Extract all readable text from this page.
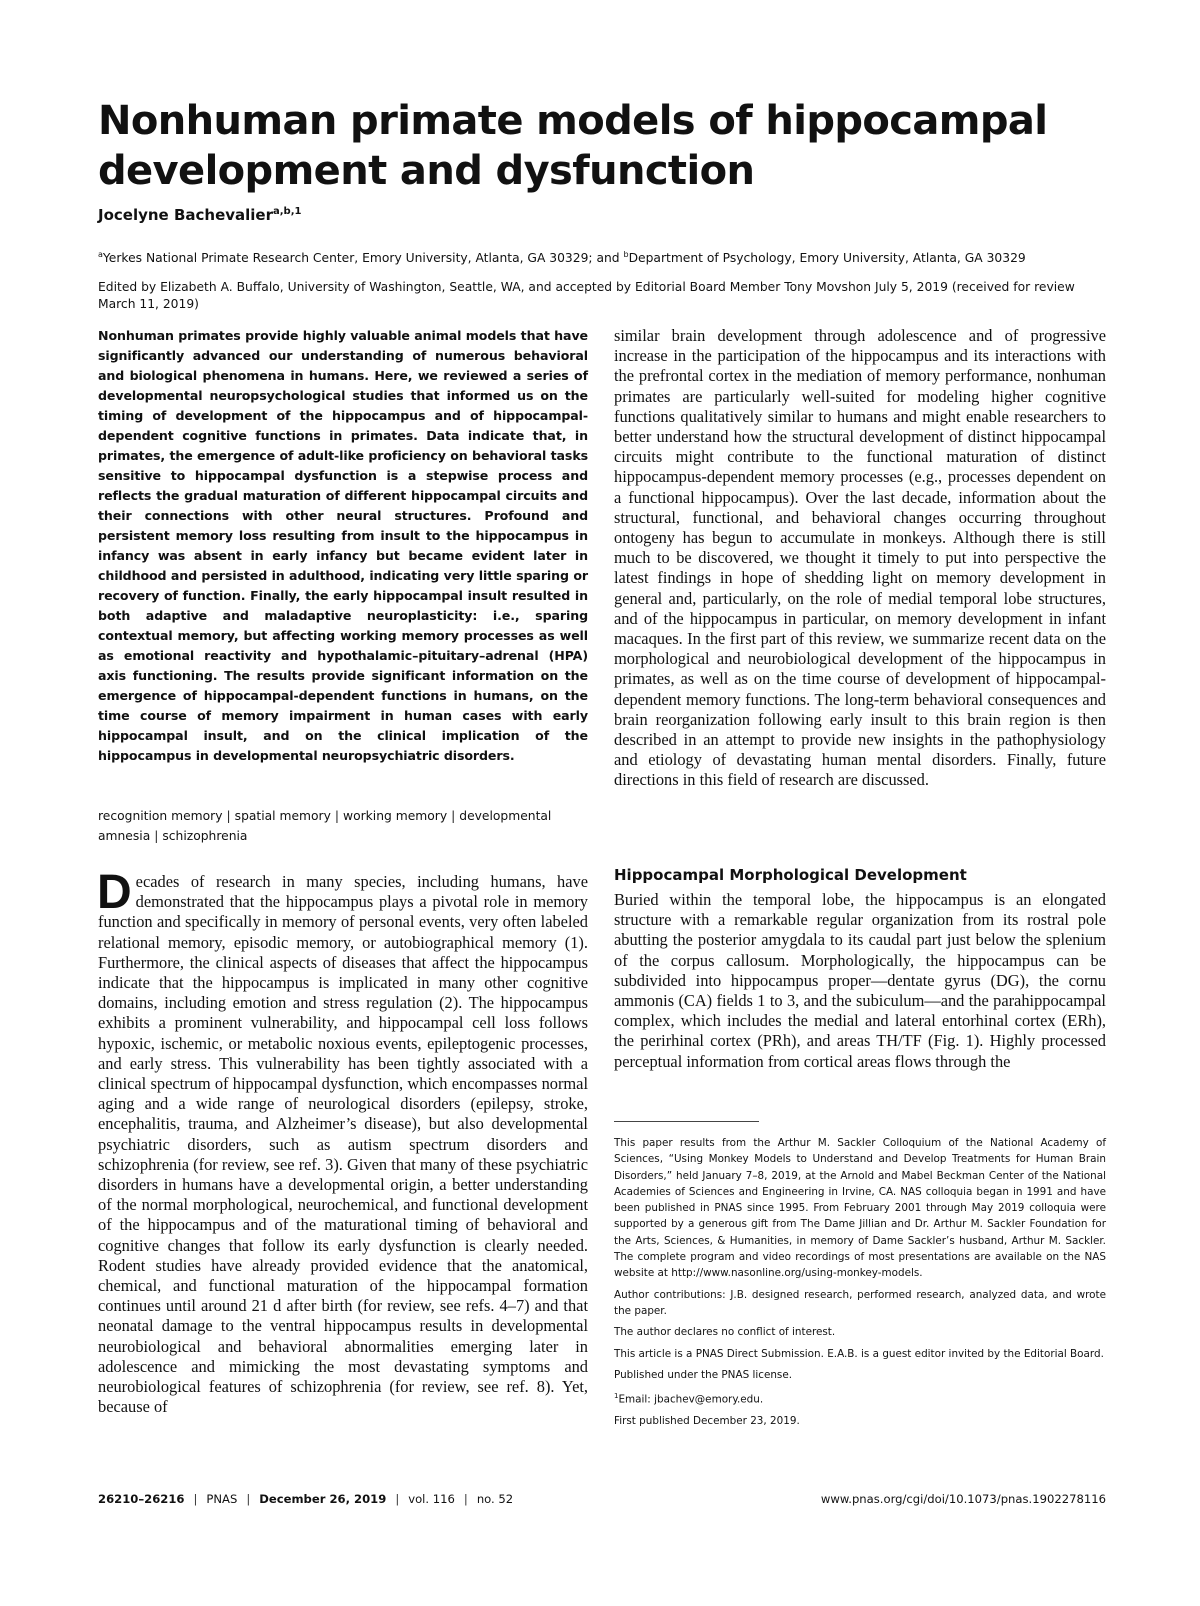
Nonhuman primate models of hippocampal development and dysfunction
Jocelyne Bachevalier$^{a,b,1}$
$^a$Yerkes National Primate Research Center, Emory University, Atlanta, GA 30329; and $^b$Department of Psychology, Emory University, Atlanta, GA 30329
Edited by Elizabeth A. Buffalo, University of Washington, Seattle, WA, and accepted by Editorial Board Member Tony Movshon July 5, 2019 (received for review March 11, 2019)

Nonhuman primates provide highly valuable animal models that have significantly advanced our understanding of numerous behavioral and biological phenomena in humans. Here, we reviewed a series of developmental neuropsychological studies that informed us on the timing of development of the hippocampus and of hippocampal-dependent cognitive functions in primates. Data indicate that, in primates, the emergence of adult-like proficiency on behavioral tasks sensitive to hippocampal dysfunction is a stepwise process and reflects the gradual maturation of different hippocampal circuits and their connections with other neural structures. Profound and persistent memory loss resulting from insult to the hippocampus in infancy was absent in early infancy but became evident later in childhood and persisted in adulthood, indicating very little sparing or recovery of function. Finally, the early hippocampal insult resulted in both adaptive and maladaptive neuroplasticity: i.e., sparing contextual memory, but affecting working memory processes as well as emotional reactivity and hypothalamic–pituitary–adrenal (HPA) axis functioning. The results provide significant information on the emergence of hippocampal-dependent functions in humans, on the time course of memory impairment in human cases with early hippocampal insult, and on the clinical implication of the hippocampus in developmental neuropsychiatric disorders.

recognition memory | spatial memory | working memory | developmental amnesia | schizophrenia

Decades of research in many species, including humans, have demonstrated that the hippocampus plays a pivotal role in memory function and specifically in memory of personal events, very often labeled relational memory, episodic memory, or autobiographical memory (1). Furthermore, the clinical aspects of diseases that affect the hippocampus indicate that the hippocampus is implicated in many other cognitive domains, including emotion and stress regulation (2). The hippocampus exhibits a prominent vulnerability, and hippocampal cell loss follows hypoxic, ischemic, or metabolic noxious events, epileptogenic processes, and early stress. This vulnerability has been tightly associated with a clinical spectrum of hippocampal dysfunction, which encompasses normal aging and a wide range of neurological disorders (epilepsy, stroke, encephalitis, trauma, and Alzheimer’s disease), but also developmental psychiatric disorders, such as autism spectrum disorders and schizophrenia (for review, see ref. 3). Given that many of these psychiatric disorders in humans have a developmental origin, a better understanding of the normal morphological, neurochemical, and functional development of the hippocampus and of the maturational timing of behavioral and cognitive changes that follow its early dysfunction is clearly needed. Rodent studies have already provided evidence that the anatomical, chemical, and functional maturation of the hippocampal formation continues until around 21 d after birth (for review, see refs. 4–7) and that neonatal damage to the ventral hippocampus results in developmental neurobiological and behavioral abnormalities emerging later in adolescence and mimicking the most devastating symptoms and neurobiological features of schizophrenia (for review, see ref. 8). Yet, because of

similar brain development through adolescence and of progressive increase in the participation of the hippocampus and its interactions with the prefrontal cortex in the mediation of memory performance, nonhuman primates are particularly well-suited for modeling higher cognitive functions qualitatively similar to humans and might enable researchers to better understand how the structural development of distinct hippocampal circuits might contribute to the functional maturation of distinct hippocampus-dependent memory processes (e.g., processes dependent on a functional hippocampus). Over the last decade, information about the structural, functional, and behavioral changes occurring throughout ontogeny has begun to accumulate in monkeys. Although there is still much to be discovered, we thought it timely to put into perspective the latest findings in hope of shedding light on memory development in general and, particularly, on the role of medial temporal lobe structures, and of the hippocampus in particular, on memory development in infant macaques. In the first part of this review, we summarize recent data on the morphological and neurobiological development of the hippocampus in primates, as well as on the time course of development of hippocampal-dependent memory functions. The long-term behavioral consequences and brain reorganization following early insult to this brain region is then described in an attempt to provide new insights in the pathophysiology and etiology of devastating human mental disorders. Finally, future directions in this field of research are discussed.

Hippocampal Morphological Development

Buried within the temporal lobe, the hippocampus is an elongated structure with a remarkable regular organization from its rostral pole abutting the posterior amygdala to its caudal part just below the splenium of the corpus callosum. Morphologically, the hippocampus can be subdivided into hippocampus proper—dentate gyrus (DG), the cornu ammonis (CA) fields 1 to 3, and the subiculum—and the parahippocampal complex, which includes the medial and lateral entorhinal cortex (ERh), the perirhinal cortex (PRh), and areas TH/TF (Fig. 1). Highly processed perceptual information from cortical areas flows through the

This paper results from the Arthur M. Sackler Colloquium of the National Academy of Sciences, “Using Monkey Models to Understand and Develop Treatments for Human Brain Disorders,” held January 7–8, 2019, at the Arnold and Mabel Beckman Center of the National Academies of Sciences and Engineering in Irvine, CA. NAS colloquia began in 1991 and have been published in PNAS since 1995. From February 2001 through May 2019 colloquia were supported by a generous gift from The Dame Jillian and Dr. Arthur M. Sackler Foundation for the Arts, Sciences, & Humanities, in memory of Dame Sackler’s husband, Arthur M. Sackler. The complete program and video recordings of most presentations are available on the NAS website at http://www.nasonline.org/using-monkey-models.

Author contributions: J.B. designed research, performed research, analyzed data, and wrote the paper.

The author declares no conflict of interest.

This article is a PNAS Direct Submission. E.A.B. is a guest editor invited by the Editorial Board.

Published under the PNAS license.

$^1$Email: jbachev@emory.edu.

First published December 23, 2019.

26210–26216 | PNAS | December 26, 2019 | vol. 116 | no. 52	www.pnas.org/cgi/doi/10.1073/pnas.1902278116
